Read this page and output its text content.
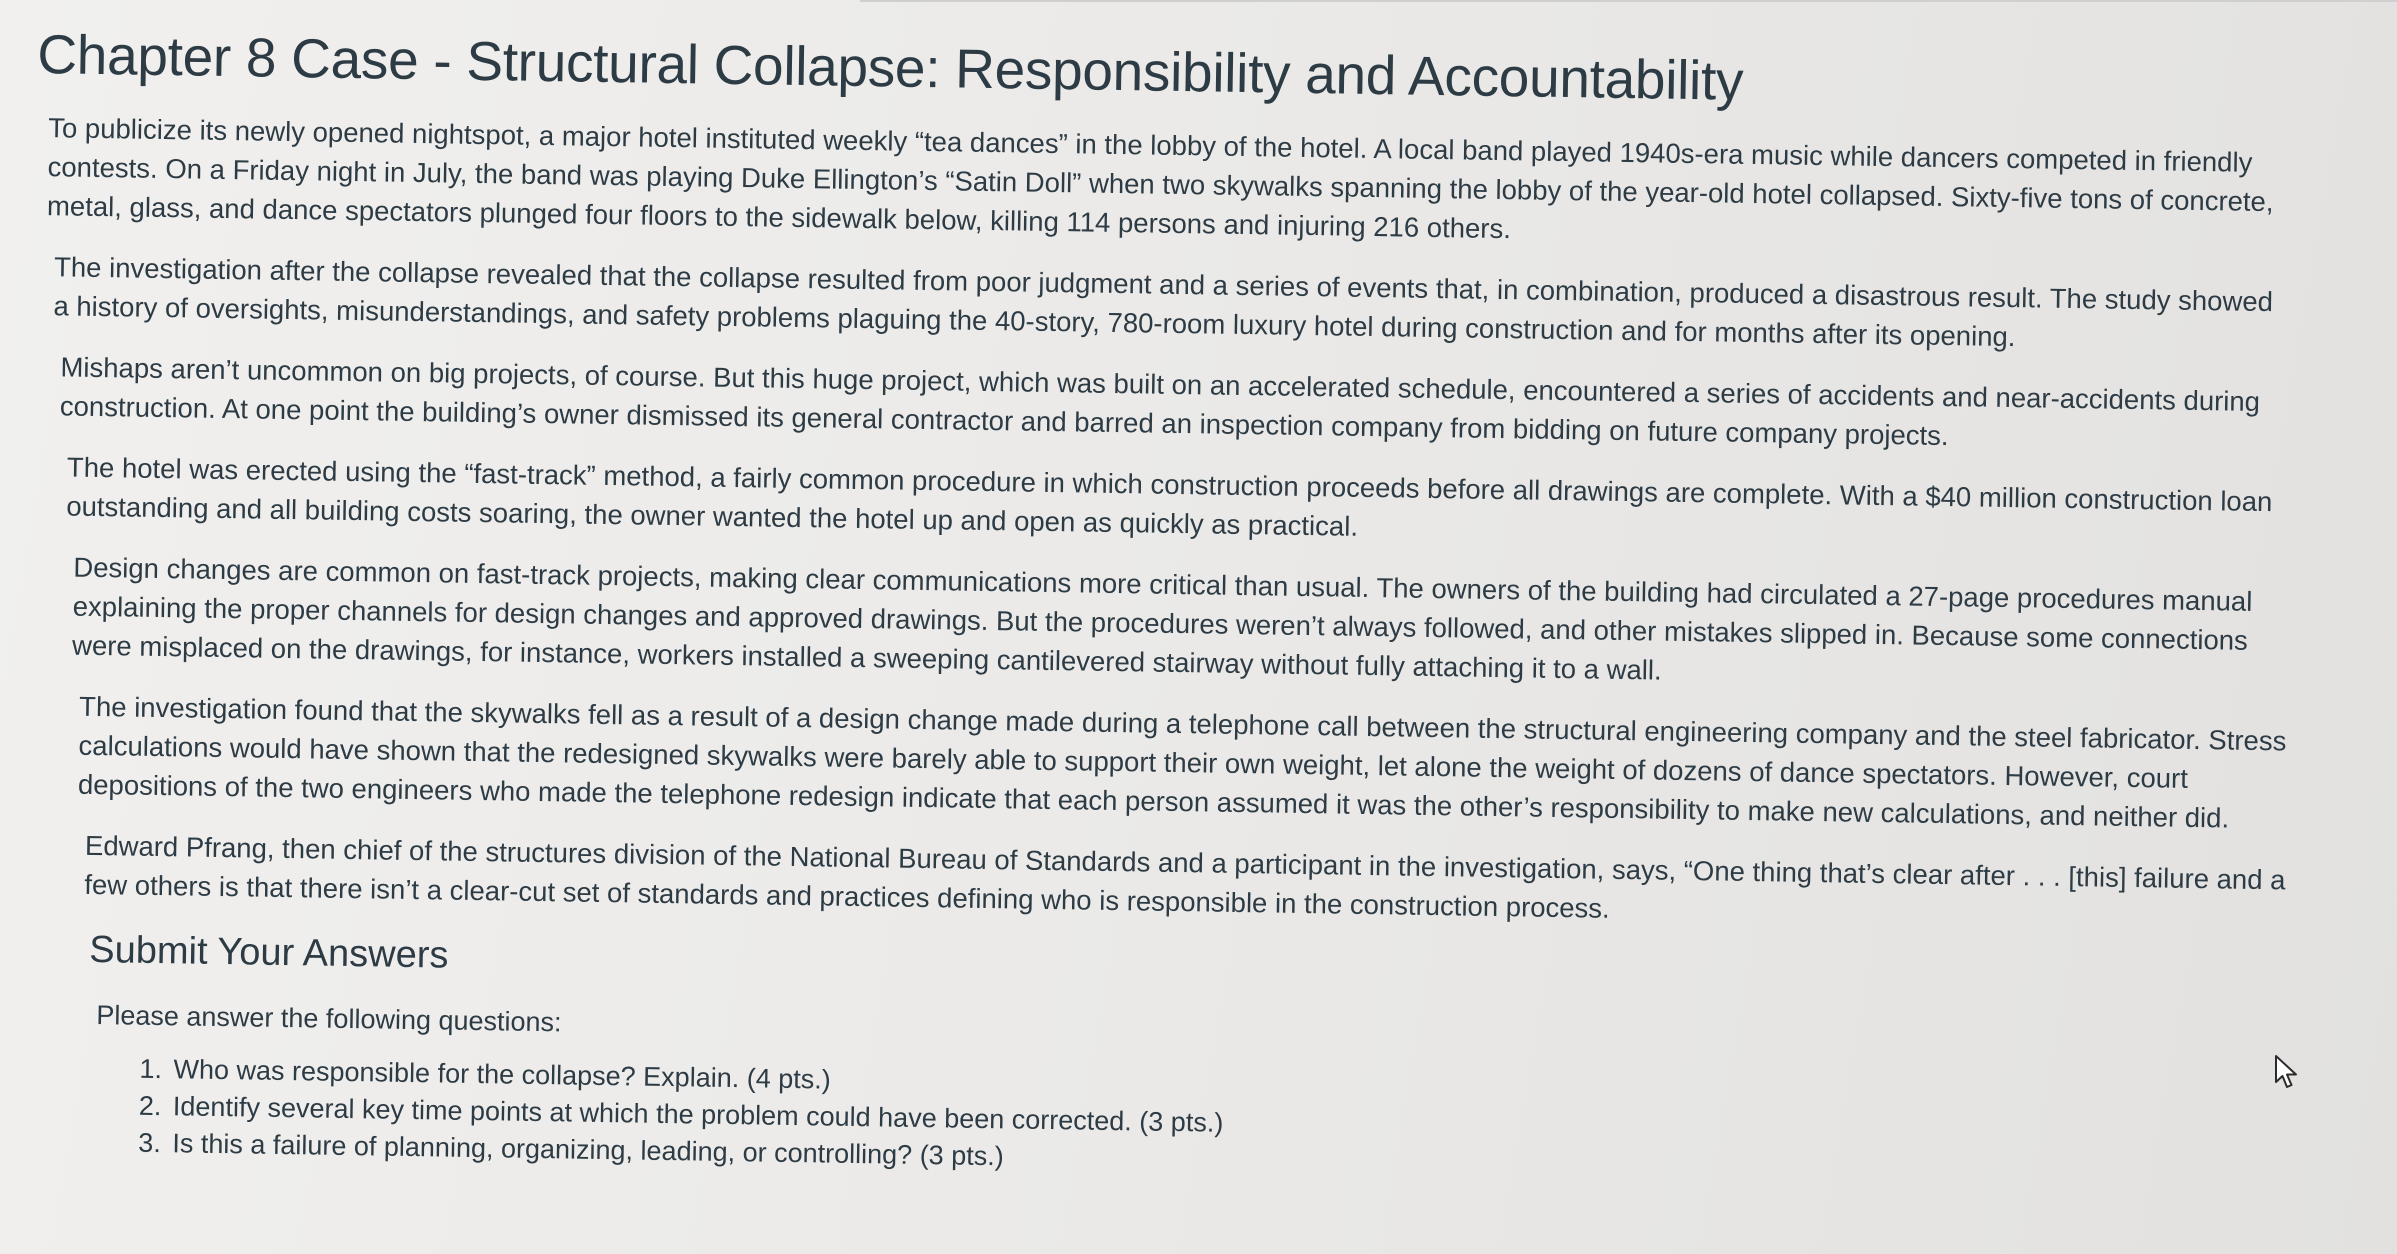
Chapter 8 Case - Structural Collapse: Responsibility and Accountability

To publicize its newly opened nightspot, a major hotel instituted weekly “tea dances” in the lobby of the hotel. A local band played 1940s-era music while dancers competed in friendly contests. On a Friday night in July, the band was playing Duke Ellington’s “Satin Doll” when two skywalks spanning the lobby of the year-old hotel collapsed. Sixty-five tons of concrete, metal, glass, and dance spectators plunged four floors to the sidewalk below, killing 114 persons and injuring 216 others.

The investigation after the collapse revealed that the collapse resulted from poor judgment and a series of events that, in combination, produced a disastrous result. The study showed a history of oversights, misunderstandings, and safety problems plaguing the 40-story, 780-room luxury hotel during construction and for months after its opening.

Mishaps aren’t uncommon on big projects, of course. But this huge project, which was built on an accelerated schedule, encountered a series of accidents and near-accidents during construction. At one point the building’s owner dismissed its general contractor and barred an inspection company from bidding on future company projects.

The hotel was erected using the “fast-track” method, a fairly common procedure in which construction proceeds before all drawings are complete. With a $40 million construction loan outstanding and all building costs soaring, the owner wanted the hotel up and open as quickly as practical.

Design changes are common on fast-track projects, making clear communications more critical than usual. The owners of the building had circulated a 27-page procedures manual explaining the proper channels for design changes and approved drawings. But the procedures weren’t always followed, and other mistakes slipped in. Because some connections were misplaced on the drawings, for instance, workers installed a sweeping cantilevered stairway without fully attaching it to a wall.

The investigation found that the skywalks fell as a result of a design change made during a telephone call between the structural engineering company and the steel fabricator. Stress calculations would have shown that the redesigned skywalks were barely able to support their own weight, let alone the weight of dozens of dance spectators. However, court depositions of the two engineers who made the telephone redesign indicate that each person assumed it was the other’s responsibility to make new calculations, and neither did.

Edward Pfrang, then chief of the structures division of the National Bureau of Standards and a participant in the investigation, says, “One thing that’s clear after . . . [this] failure and a few others is that there isn’t a clear-cut set of standards and practices defining who is responsible in the construction process.

Submit Your Answers

Please answer the following questions:

1. Who was responsible for the collapse? Explain. (4 pts.)
2. Identify several key time points at which the problem could have been corrected. (3 pts.)
3. Is this a failure of planning, organizing, leading, or controlling? (3 pts.)
